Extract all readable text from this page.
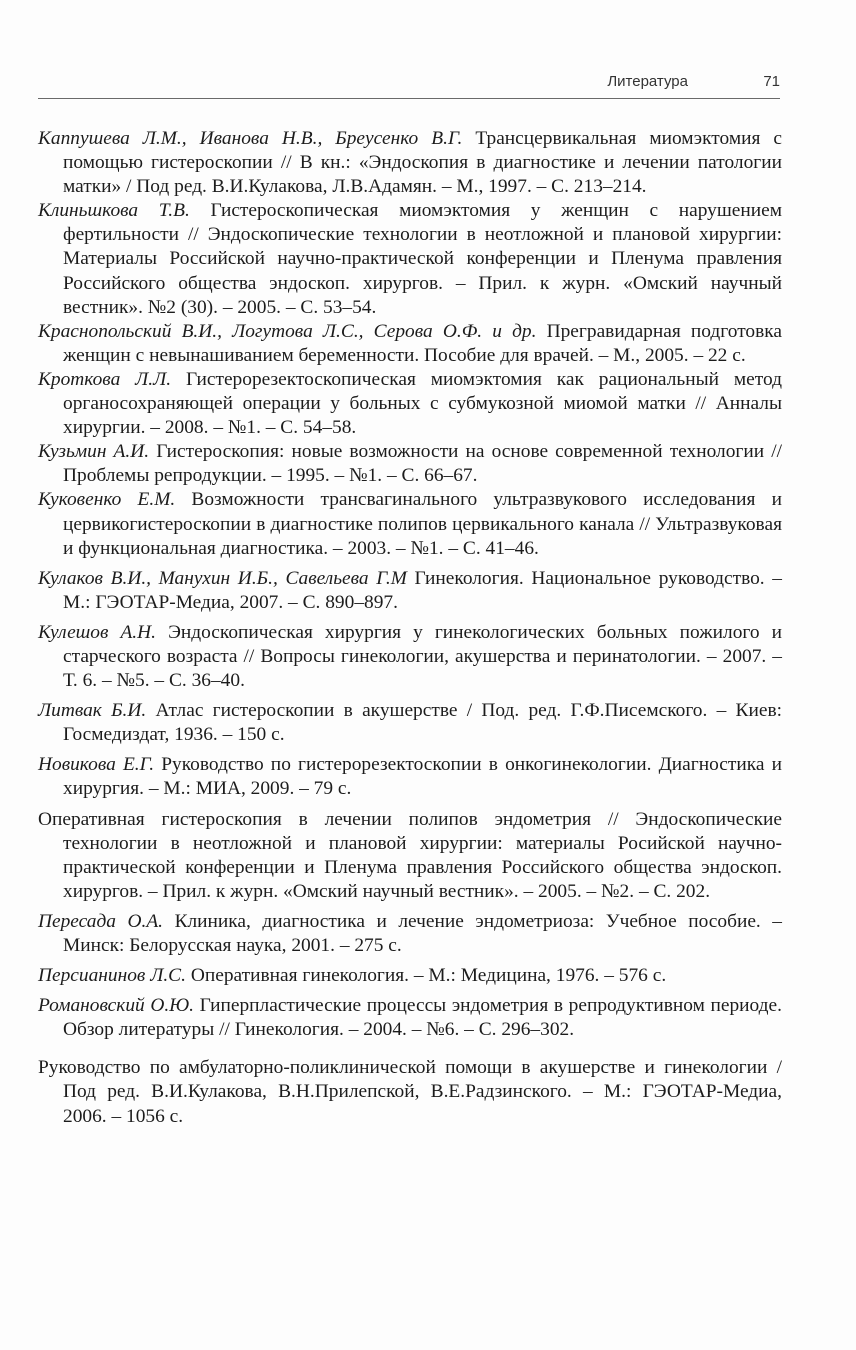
Литература	71

Каппушева Л.М., Иванова Н.В., Бреусенко В.Г. Трансцервикальная миомэктомия с помощью гистероскопии // В кн.: «Эндоскопия в диагностике и лечении патологии матки» / Под ред. В.И.Кулакова, Л.В.Адамян. – М., 1997. – С. 213–214.

Клиньшкова Т.В. Гистероскопическая миомэктомия у женщин с нарушением фертильности // Эндоскопические технологии в неотложной и плановой хирургии: Материалы Российской научно-практической конференции и Пленума правления Российского общества эндоскоп. хирургов. – Прил. к журн. «Омский научный вестник». №2 (30). – 2005. – С. 53–54.

Краснопольский В.И., Логутова Л.С., Серова О.Ф. и др. Прегравидарная подготовка женщин с невынашиванием беременности. Пособие для врачей. – М., 2005. – 22 с.

Кроткова Л.Л. Гистерорезектоскопическая миомэктомия как рациональный метод органосохраняющей операции у больных с субмукозной миомой матки // Анналы хирургии. – 2008. – №1. – С. 54–58.

Кузьмин А.И. Гистероскопия: новые возможности на основе современной технологии // Проблемы репродукции. – 1995. – №1. – С. 66–67.

Куковенко Е.М. Возможности трансвагинального ультразвукового исследования и цервикогистероскопии в диагностике полипов цервикального канала // Ультразвуковая и функциональная диагностика. – 2003. – №1. – С. 41–46.

Кулаков В.И., Манухин И.Б., Савельева Г.М Гинекология. Национальное руководство. – М.: ГЭОТАР-Медиа, 2007. – С. 890–897.

Кулешов А.Н. Эндоскопическая хирургия у гинекологических больных пожилого и старческого возраста // Вопросы гинекологии, акушерства и перинатологии. – 2007. – Т. 6. – №5. – С. 36–40.

Литвак Б.И. Атлас гистероскопии в акушерстве / Под. ред. Г.Ф.Писемского. – Киев: Госмедиздат, 1936. – 150 с.

Новикова Е.Г. Руководство по гистерорезектоскопии в онкогинекологии. Диагностика и хирургия. – М.: МИА, 2009. – 79 с.

Оперативная гистероскопия в лечении полипов эндометрия // Эндоскопические технологии в неотложной и плановой хирургии: материалы Росийской научно-практической конференции и Пленума правления Российского общества эндоскоп. хирургов. – Прил. к журн. «Омский научный вестник». – 2005. – №2. – С. 202.

Пересада О.А. Клиника, диагностика и лечение эндометриоза: Учебное пособие. – Минск: Белорусская наука, 2001. – 275 с.

Персианинов Л.С. Оперативная гинекология. – М.: Медицина, 1976. – 576 с.

Романовский О.Ю. Гиперпластические процессы эндометрия в репродуктивном периоде. Обзор литературы // Гинекология. – 2004. – №6. – С. 296–302.

Руководство по амбулаторно-поликлинической помощи в акушерстве и гинекологии / Под ред. В.И.Кулакова, В.Н.Прилепской, В.Е.Радзинского. – М.: ГЭОТАР-Медиа, 2006. – 1056 с.
